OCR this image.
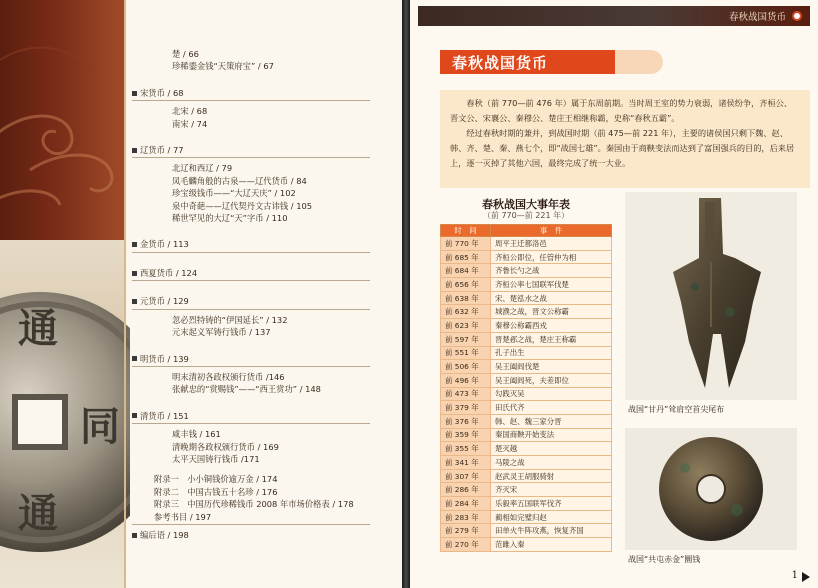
通
同
通
楚 / 66
珍稀鎏金钱“天策府宝” / 67
宋货币 / 68
北宋 / 68
南宋 / 74
辽货币 / 77
北辽和西辽 / 79
凤毛麟角般的古泉——辽代货币 / 84
珍宝级钱币——“大辽天庆” / 102
泉中奇葩——辽代契丹文古讳钱 / 105
稀世罕见的大辽“天”字币 / 110
金货币 / 113
西夏货币 / 124
元货币 / 129
忽必烈特铸的“伊国延长” / 132
元末起义军铸行钱币 / 137
明货币 / 139
明末清初各政权颁行货币 /146
张献忠的“赏赐钱”——“西王赏功” / 148
清货币 / 151
咸丰钱 / 161
清晚期各政权颁行货币 / 169
太平天国铸行钱币 /171
附录一　小小铜钱价逾万金 / 174
附录二　中国古钱五十名珍 / 176
附录三　中国历代珍稀钱币 2008 年市场价格表 / 178
参考书目 / 197
编后语 / 198
春秋战国货币
春秋战国货币

春秋（前 770—前 476 年）属于东周前期。当时周王室的势力衰弱，诸侯纷争，齐桓公、晋文公、宋襄公、秦穆公、楚庄王相继称霸，史称“春秋五霸”。

经过春秋时期的兼并，到战国时期（前 475—前 221 年），主要的诸侯国只剩下魏、赵、韩、齐、楚、秦、燕七个，即“战国七雄”。秦国由于商鞅变法而达到了富国强兵的目的，后来居上，逐一灭掉了其他六国，最终完成了统一大业。

春秋战国大事年表
（前 770—前 221 年）
时　间	事　件
前 770 年	周平王迁都洛邑
前 685 年	齐桓公即位，任管仲为相
前 684 年	齐鲁长勺之战
前 656 年	齐桓公率七国联军伐楚
前 638 年	宋、楚泓水之战
前 632 年	城濮之战，晋文公称霸
前 623 年	秦穆公称霸西戎
前 597 年	晋楚邲之战，楚庄王称霸
前 551 年	孔子出生
前 506 年	吴王阖闾伐楚
前 496 年	吴王阖闾死，夫差即位
前 473 年	勾践灭吴
前 379 年	田氏代齐
前 376 年	韩、赵、魏三家分晋
前 359 年	秦国商鞅开始变法
前 355 年	楚灭越
前 341 年	马陵之战
前 307 年	赵武灵王胡服骑射
前 286 年	齐灭宋
前 284 年	乐毅率五国联军伐齐
前 283 年	蔺相如完璧归赵
前 279 年	田单火牛阵攻燕，恢复齐国
前 270 年	范雎入秦
战国“甘丹”耸肩空首尖尾布
战国“共屯赤金”圜钱
1
